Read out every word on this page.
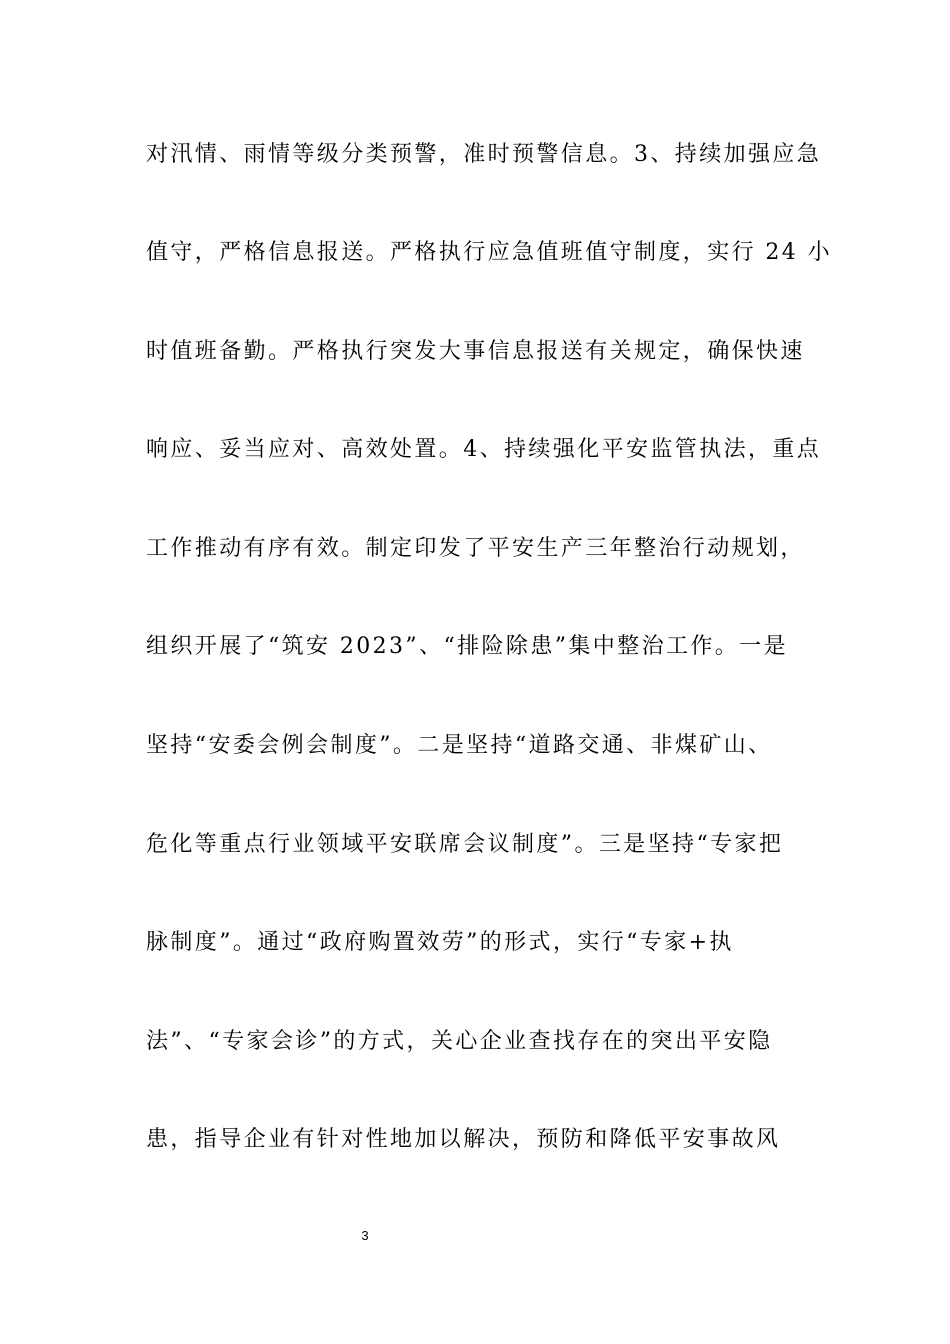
对汛情、雨情等级分类预警，准时预警信息。3、持续加强应急
值守，严格信息报送。严格执行应急值班值守制度，实行 24 小
时值班备勤。严格执行突发大事信息报送有关规定，确保快速
响应、妥当应对、高效处置。4、持续强化平安监管执法，重点
工作推动有序有效。制定印发了平安生产三年整治行动规划，
组织开展了“筑安 2023”、“排险除患”集中整治工作。一是
坚持“安委会例会制度”。二是坚持“道路交通、非煤矿山、
危化等重点行业领域平安联席会议制度”。三是坚持“专家把
脉制度”。通过“政府购置效劳”的形式，实行“专家+执
法”、“专家会诊”的方式，关心企业查找存在的突出平安隐
患，指导企业有针对性地加以解决，预防和降低平安事故风
3
